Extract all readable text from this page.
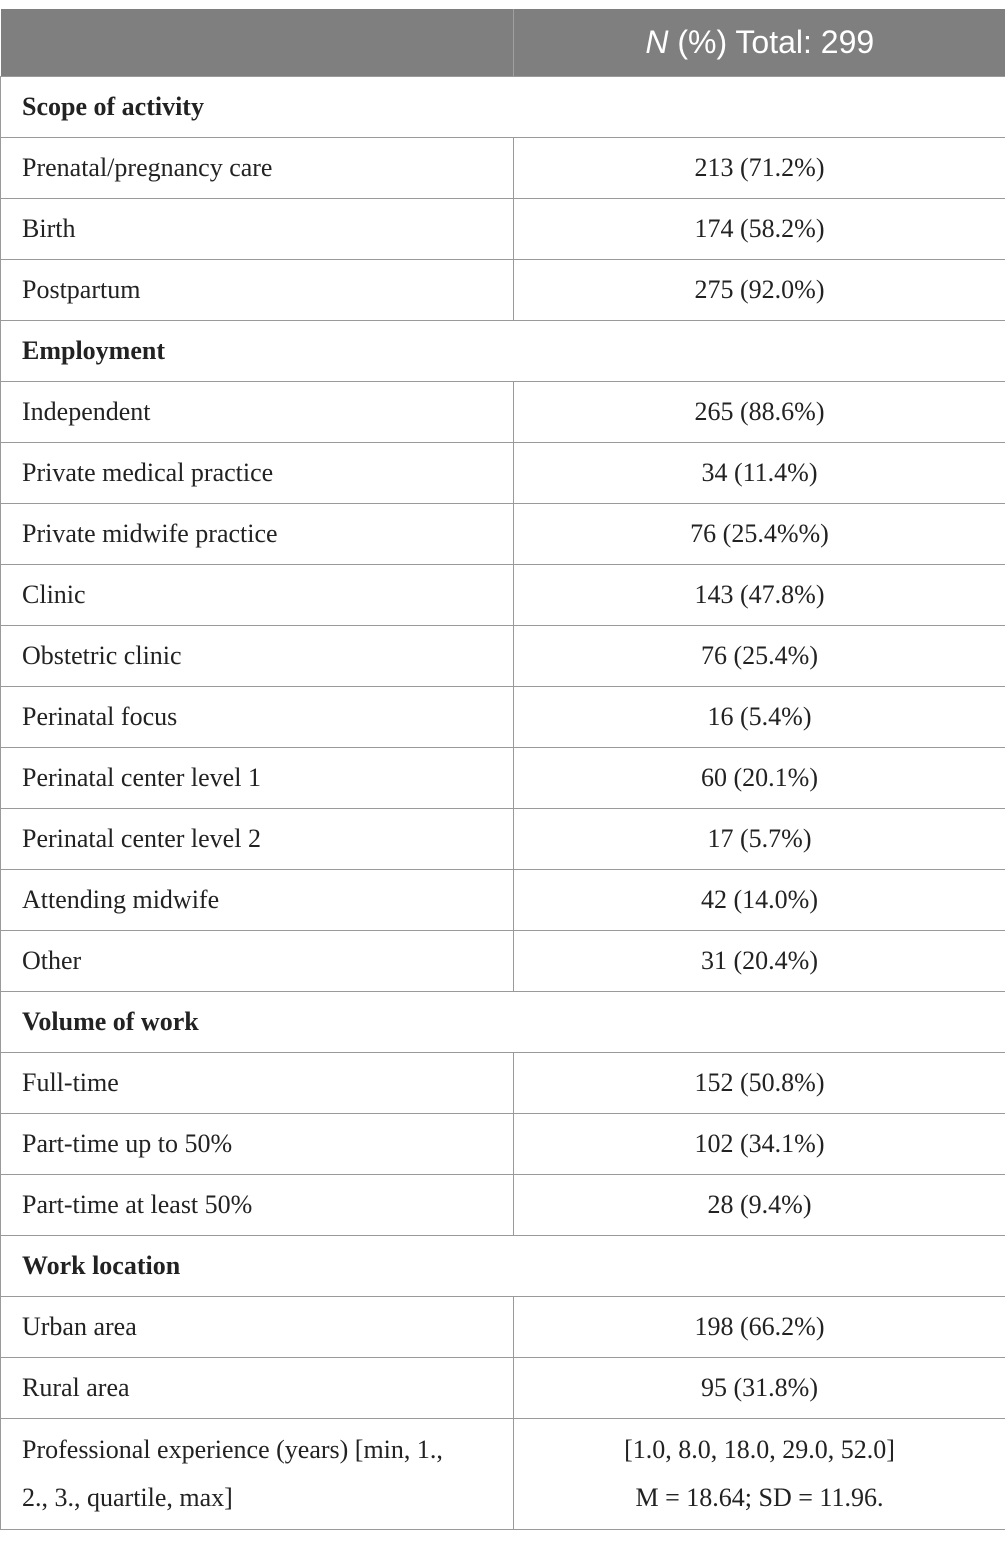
	N (%) Total: 299
Scope of activity	
Prenatal/pregnancy care	213 (71.2%)
Birth	174 (58.2%)
Postpartum	275 (92.0%)
Employment	
Independent	265 (88.6%)
Private medical practice	34 (11.4%)
Private midwife practice	76 (25.4%%)
Clinic	143 (47.8%)
Obstetric clinic	76 (25.4%)
Perinatal focus	16 (5.4%)
Perinatal center level 1	60 (20.1%)
Perinatal center level 2	17 (5.7%)
Attending midwife	42 (14.0%)
Other	31 (20.4%)
Volume of work	
Full-time	152 (50.8%)
Part-time up to 50%	102 (34.1%)
Part-time at least 50%	28 (9.4%)
Work location	
Urban area	198 (66.2%)
Rural area	95 (31.8%)
Professional experience (years) [min, 1.,
2., 3., quartile, max]	[1.0, 8.0, 18.0, 29.0, 52.0]
M = 18.64; SD = 11.96.
